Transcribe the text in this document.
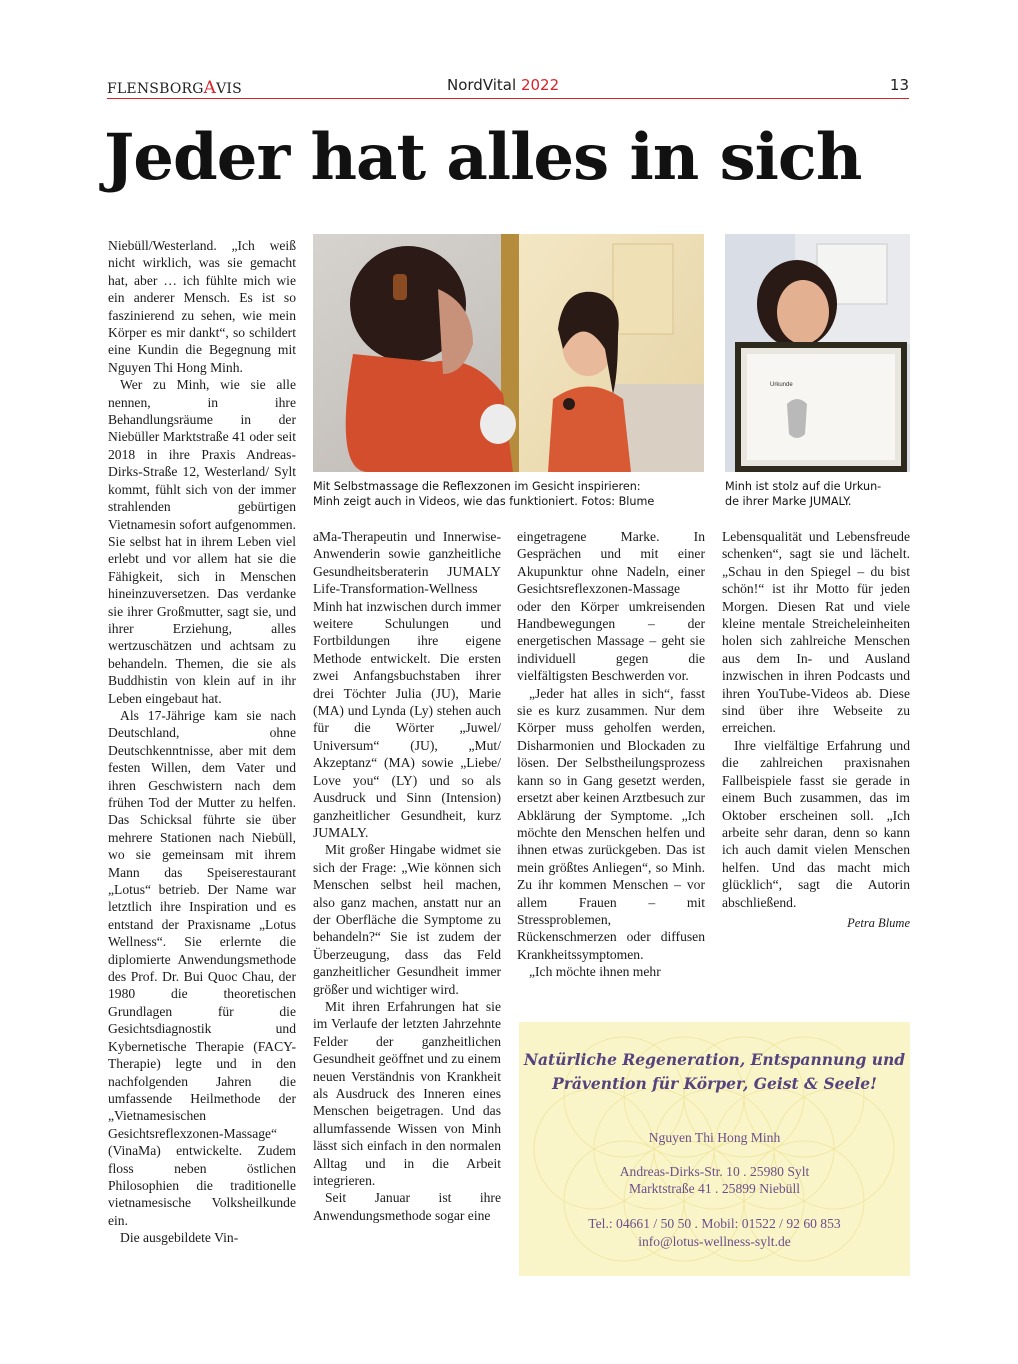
FLENSBORGAVIS	NordVital 2022	13
Jeder hat alles in sich

Niebüll/Westerland. „Ich weiß nicht wirklich, was sie gemacht hat, aber … ich fühlte mich wie ein anderer Mensch. Es ist so faszinierend zu sehen, wie mein Körper es mir dankt“, so schildert eine Kundin die Begegnung mit Nguyen Thi Hong Minh.

Wer zu Minh, wie sie alle nennen, in ihre Behandlungsräume in der Niebüller Marktstraße 41 oder seit 2018 in ihre Praxis Andreas-Dirks-Straße 12, Westerland/ Sylt kommt, fühlt sich von der immer strahlenden gebürtigen Vietnamesin sofort aufgenommen. Sie selbst hat in ihrem Leben viel erlebt und vor allem hat sie die Fähigkeit, sich in Menschen hineinzuversetzen. Das verdanke sie ihrer Großmutter, sagt sie, und ihrer Erziehung, alles wertzuschätzen und achtsam zu behandeln. Themen, die sie als Buddhistin von klein auf in ihr Leben eingebaut hat.

Als 17-Jährige kam sie nach Deutschland, ohne Deutschkenntnisse, aber mit dem festen Willen, dem Vater und ihren Geschwistern nach dem frühen Tod der Mutter zu helfen. Das Schicksal führte sie über mehrere Stationen nach Niebüll, wo sie gemeinsam mit ihrem Mann das Speiserestaurant „Lotus“ betrieb. Der Name war letztlich ihre Inspiration und es entstand der Praxisname „Lotus Wellness“. Sie erlernte die diplomierte Anwendungsmethode des Prof. Dr. Bui Quoc Chau, der 1980 die theoretischen Grundlagen für die Gesichtsdiagnostik und Kybernetische Therapie (FACY-Therapie) legte und in den nachfolgenden Jahren die umfassende Heilmethode der „Vietnamesischen Gesichtsreflexzonen-Massage“ (VinaMa) entwickelte. Zudem floss neben östlichen Philosophien die traditionelle vietnamesische Volksheilkunde ein.

Die ausgebildete Vin-

Mit Selbstmassage die Reflexzonen im Gesicht inspirieren:
Minh zeigt auch in Videos, wie das funktioniert. Fotos: Blume
Urkunde
Minh ist stolz auf die Urkun-
de ihrer Marke JUMALY.

aMa-Therapeutin und Innerwise-Anwenderin sowie ganzheitliche Gesundheitsberaterin JUMALY Life-Transformation-Wellness Minh hat inzwischen durch immer weitere Schulungen und Fortbildungen ihre eigene Methode entwickelt. Die ersten zwei Anfangsbuchstaben ihrer drei Töchter Julia (JU), Marie (MA) und Lynda (Ly) stehen auch für die Wörter „Juwel/ Universum“ (JU), „Mut/ Akzeptanz“ (MA) sowie „Liebe/ Love you“ (LY) und so als Ausdruck und Sinn (Intension) ganzheitlicher Gesundheit, kurz JUMALY.

Mit großer Hingabe widmet sie sich der Frage: „Wie können sich Menschen selbst heil machen, also ganz machen, anstatt nur an der Oberfläche die Symptome zu behandeln?“ Sie ist zudem der Überzeugung, dass das Feld ganzheitlicher Gesundheit immer größer und wichtiger wird.

Mit ihren Erfahrungen hat sie im Verlaufe der letzten Jahrzehnte Felder der ganzheitlichen Gesundheit geöffnet und zu einem neuen Verständnis von Krankheit als Ausdruck des Inneren eines Menschen beigetragen. Und das allumfassende Wissen von Minh lässt sich einfach in den normalen Alltag und in die Arbeit integrieren.

Seit Januar ist ihre Anwendungsmethode sogar eine

eingetragene Marke. In Gesprächen und mit einer Akupunktur ohne Nadeln, einer Gesichtsreflexzonen-Massage oder den Körper umkreisenden Handbewegungen – der energetischen Massage – geht sie individuell gegen die vielfältigsten Beschwerden vor.

„Jeder hat alles in sich“, fasst sie es kurz zusammen. Nur dem Körper muss geholfen werden, Disharmonien und Blockaden zu lösen. Der Selbstheilungsprozess kann so in Gang gesetzt werden, ersetzt aber keinen Arztbesuch zur Abklärung der Symptome. „Ich möchte den Menschen helfen und ihnen etwas zurückgeben. Das ist mein größtes Anliegen“, so Minh. Zu ihr kommen Menschen – vor allem Frauen – mit Stressproblemen, Rückenschmerzen oder diffusen Krankheitssymptomen.

„Ich möchte ihnen mehr

Lebensqualität und Lebensfreude schenken“, sagt sie und lächelt. „Schau in den Spiegel – du bist schön!“ ist ihr Motto für jeden Morgen. Diesen Rat und viele kleine mentale Streicheleinheiten holen sich zahlreiche Menschen aus dem In- und Ausland inzwischen in ihren Podcasts und ihren YouTube-Videos ab. Diese sind über ihre Webseite zu erreichen.

Ihre vielfältige Erfahrung und die zahlreichen praxisnahen Fallbeispiele fasst sie gerade in einem Buch zusammen, das im Oktober erscheinen soll. „Ich arbeite sehr daran, denn so kann ich auch damit vielen Menschen helfen. Und das macht mich glücklich“, sagt die Autorin abschließend.

Petra Blume
Natürliche Regeneration, Entspannung und
Prävention für Körper, Geist & Seele!
Nguyen Thi Hong Minh
Andreas-Dirks-Str. 10 . 25980 Sylt
Marktstraße 41 . 25899 Niebüll
Tel.: 04661 / 50 50 . Mobil: 01522 / 92 60 853
info@lotus-wellness-sylt.de
